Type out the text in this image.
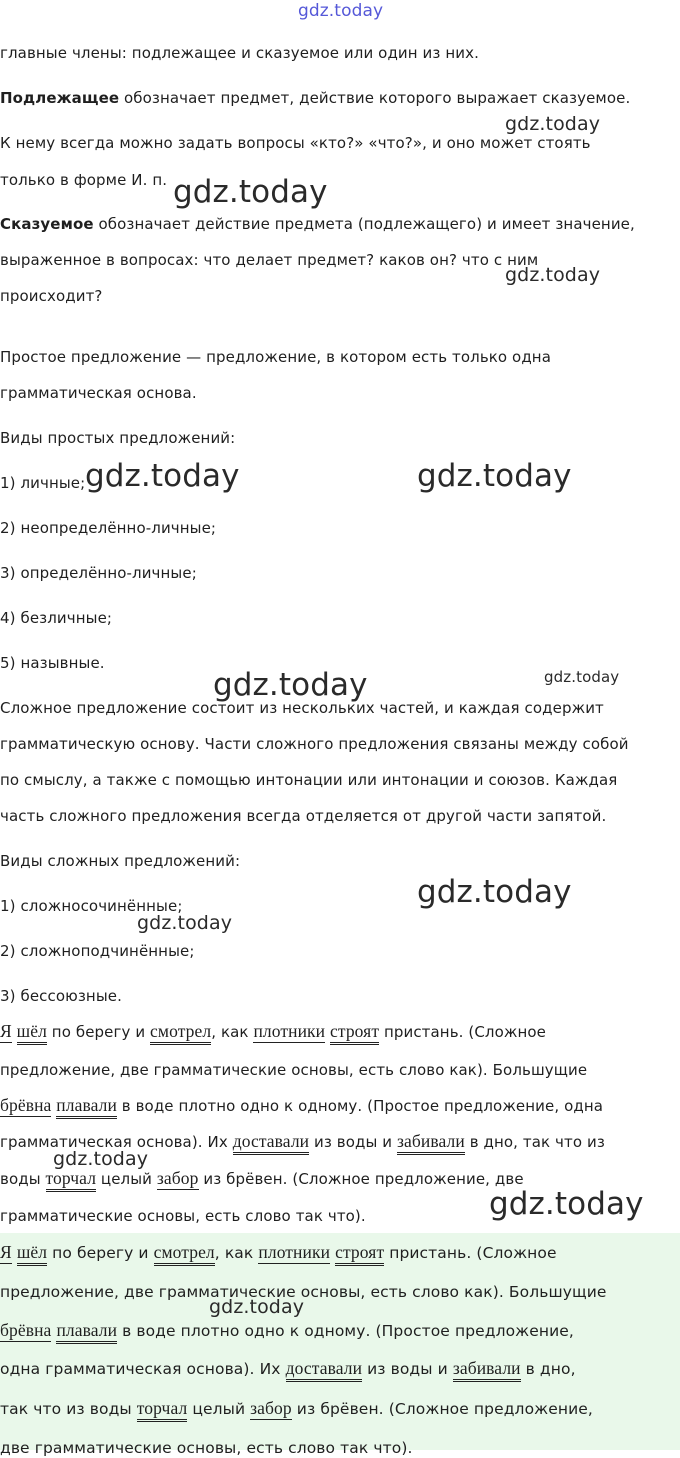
главные члены: подлежащее и сказуемое или один из них.
Подлежащее обозначает предмет, действие которого выражает сказуемое.
К нему всегда можно задать вопросы «кто?» «что?», и оно может стоять
только в форме И. п.
Сказуемое обозначает действие предмета (подлежащего) и имеет значение,
выраженное в вопросах: что делает предмет? каков он? что с ним
происходит?
Простое предложение — предложение, в котором есть только одна
грамматическая основа.
Виды простых предложений:
1) личные;
2) неопределённо-личные;
3) определённо-личные;
4) безличные;
5) назывные.
Сложное предложение состоит из нескольких частей, и каждая содержит
грамматическую основу. Части сложного предложения связаны между собой
по смыслу, а также с помощью интонации или интонации и союзов. Каждая
часть сложного предложения всегда отделяется от другой части запятой.
Виды сложных предложений:
1) сложносочинённые;
2) сложноподчинённые;
3) бессоюзные.
Я шёл по берегу и смотрел, как плотники строят пристань. (Сложное
предложение, две грамматические основы, есть слово как). Большущие
брёвна плавали в воде плотно одно к одному. (Простое предложение, одна
грамматическая основа). Их доставали из воды и забивали в дно, так что из
воды торчал целый забор из брёвен. (Сложное предложение, две
грамматические основы, есть слово так что).
Я шёл по берегу и смотрел, как плотники строят пристань. (Сложное
предложение, две грамматические основы, есть слово как). Большущие
брёвна плавали в воде плотно одно к одному. (Простое предложение,
одна грамматическая основа). Их доставали из воды и забивали в дно,
так что из воды торчал целый забор из брёвен. (Сложное предложение,
две грамматические основы, есть слово так что).
gdz.today
gdz.today
gdz.today
gdz.today
gdz.today	gdz.today
gdz.today
gdz.today
gdz.today
gdz.today
gdz.today
gdz.today
gdz.today
